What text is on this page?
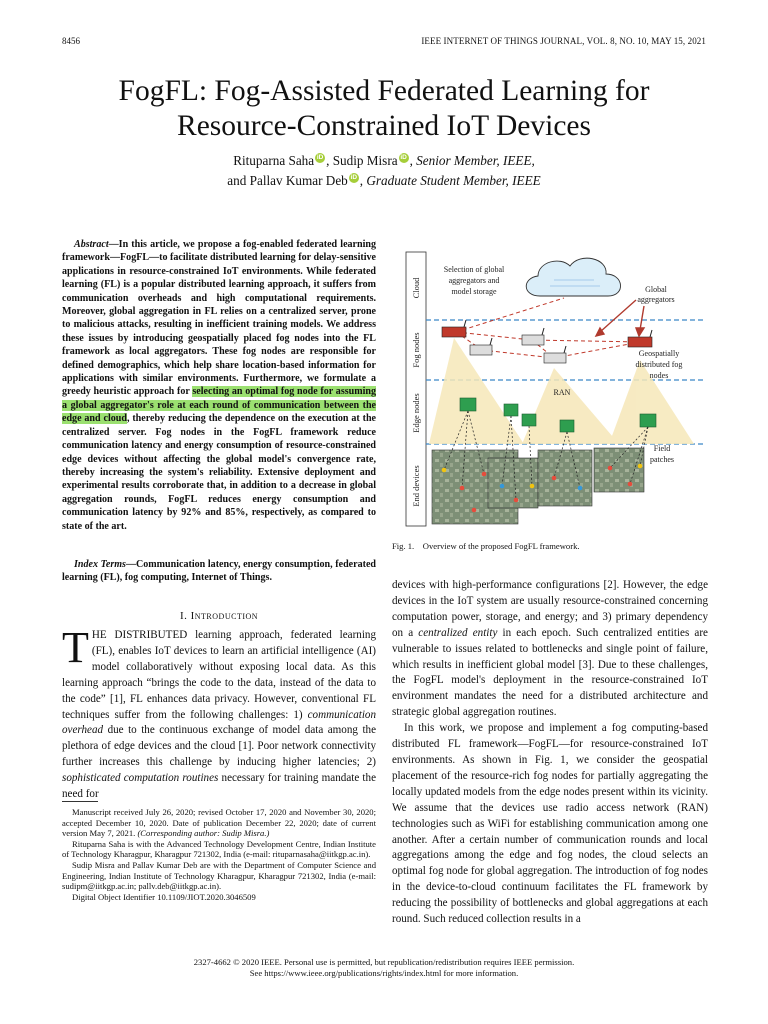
8456	IEEE INTERNET OF THINGS JOURNAL, VOL. 8, NO. 10, MAY 15, 2021
FogFL: Fog-Assisted Federated Learning for
Resource-Constrained IoT Devices
Rituparna Saha iD , Sudip Misra iD , Senior Member, IEEE,
and Pallav Kumar Deb iD , Graduate Student Member, IEEE
Abstract—In this article, we propose a fog-enabled federated learning framework—FogFL—to facilitate distributed learning for delay-sensitive applications in resource-constrained IoT environments. While federated learning (FL) is a popular distributed learning approach, it suffers from communication overheads and high computational requirements. Moreover, global aggregation in FL relies on a centralized server, prone to malicious attacks, resulting in inefficient training models. We address these issues by introducing geospatially placed fog nodes into the FL framework as local aggregators. These fog nodes are responsible for defined demographics, which help share location-based information for applications with similar environments. Furthermore, we formulate a greedy heuristic approach for selecting an optimal fog node for assuming a global aggregator's role at each round of communication between the edge and cloud, thereby reducing the dependence on the execution at the centralized server. Fog nodes in the FogFL framework reduce communication latency and energy consumption of resource-constrained edge devices without affecting the global model's convergence rate, thereby increasing the system's reliability. Extensive deployment and experimental results corroborate that, in addition to a decrease in global aggregation rounds, FogFL reduces energy consumption and communication latency by 92% and 85%, respectively, as compared to state of the art.
Index Terms—Communication latency, energy consumption, federated learning (FL), fog computing, Internet of Things.
I. Introduction
THE DISTRIBUTED learning approach, federated learning (FL), enables IoT devices to learn an artificial intelligence (AI) model collaboratively without exposing local data. As this learning approach “brings the code to the data, instead of the data to the code” [1], FL enhances data privacy. However, conventional FL techniques suffer from the following challenges: 1) communication overhead due to the continuous exchange of model data among the plethora of edge devices and the cloud [1]. Poor network connectivity further increases this challenge by inducing higher latencies; 2) sophisticated computation routines necessary for training mandate the need for

Manuscript received July 26, 2020; revised October 17, 2020 and November 30, 2020; accepted December 10, 2020. Date of publication December 22, 2020; date of current version May 7, 2021. (Corresponding author: Sudip Misra.)

Rituparna Saha is with the Advanced Technology Development Centre, Indian Institute of Technology Kharagpur, Kharagpur 721302, India (e-mail: rituparnasaha@iitkgp.ac.in).

Sudip Misra and Pallav Kumar Deb are with the Department of Computer Science and Engineering, Indian Institute of Technology Kharagpur, Kharagpur 721302, India (e-mail: sudipm@iitkgp.ac.in; pallv.deb@iitkgp.ac.in).

Digital Object Identifier 10.1109/JIOT.2020.3046509

Cloud
Fog nodes
Edge nodes
End devices
Selection of global
aggregators and
model storage	Global
aggregators
Geospatially
distributed fog
nodes
RAN
Field
patches
Fig. 1. Overview of the proposed FogFL framework.

devices with high-performance configurations [2]. However, the edge devices in the IoT system are usually resource-constrained concerning computation power, storage, and energy; and 3) primary dependency on a centralized entity in each epoch. Such centralized entities are vulnerable to issues related to bottlenecks and single point of failure, which results in inefficient global model [3]. Due to these challenges, the FogFL model's deployment in the resource-constrained IoT environment mandates the need for a distributed architecture and strategic global aggregation routines.

In this work, we propose and implement a fog computing-based distributed FL framework—FogFL—for resource-constrained IoT environments. As shown in Fig. 1, we consider the geospatial placement of the resource-rich fog nodes for partially aggregating the locally updated models from the edge nodes present within its vicinity. We assume that the devices use radio access network (RAN) technologies such as WiFi for establishing communication among one another. After a certain number of communication rounds and local aggregations among the edge and fog nodes, the cloud selects an optimal fog node for global aggregation. The introduction of fog nodes in the device-to-cloud continuum facilitates the FL framework by reducing the possibility of bottlenecks and global aggregations at each round. Such reduced collection results in a

2327-4662 © 2020 IEEE. Personal use is permitted, but republication/redistribution requires IEEE permission.
See https://www.ieee.org/publications/rights/index.html for more information.
